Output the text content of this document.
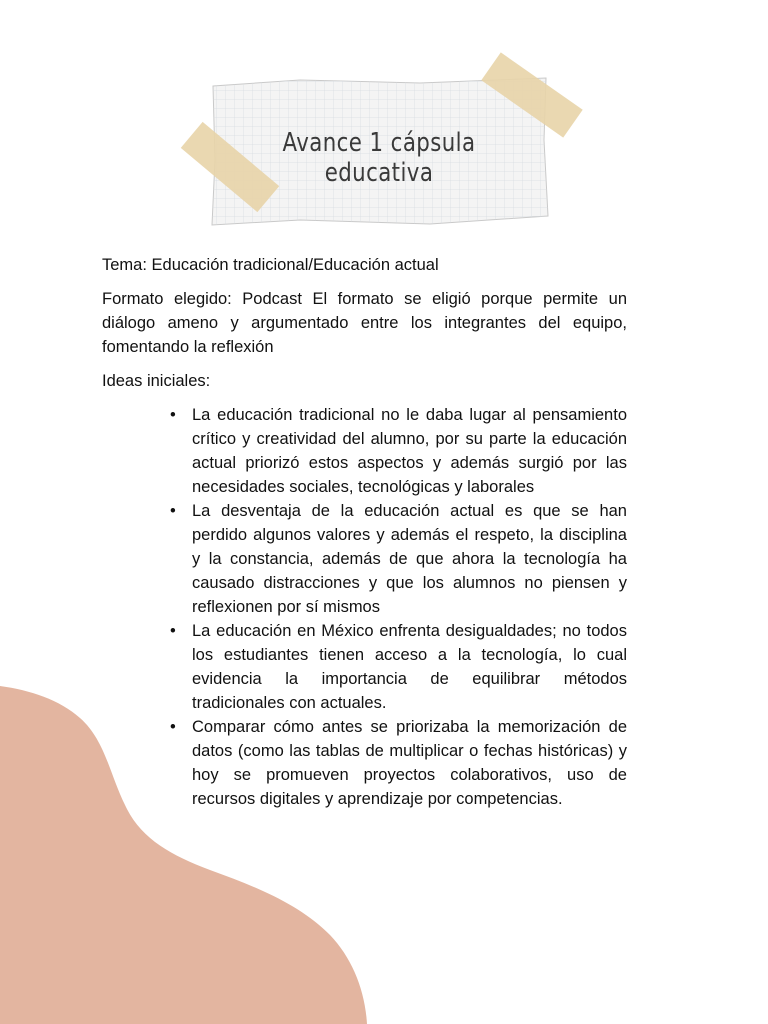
Avance 1 cápsula educativa

Tema: Educación tradicional/Educación actual

Formato elegido: Podcast El formato se eligió porque permite un diálogo ameno y argumentado entre los integrantes del equipo, fomentando la reflexión

Ideas iniciales:

• La educación tradicional no le daba lugar al pensamiento crítico y creatividad del alumno, por su parte la educación actual priorizó estos aspectos y además surgió por las necesidades sociales, tecnológicas y laborales
• La desventaja de la educación actual es que se han perdido algunos valores y además el respeto, la disciplina y la constancia, además de que ahora la tecnología ha causado distracciones y que los alumnos no piensen y reflexionen por sí mismos
• La educación en México enfrenta desigualdades; no todos los estudiantes tienen acceso a la tecnología, lo cual evidencia la importancia de equilibrar métodos tradicionales con actuales.
• Comparar cómo antes se priorizaba la memorización de datos (como las tablas de multiplicar o fechas históricas) y hoy se promueven proyectos colaborativos, uso de recursos digitales y aprendizaje por competencias.
